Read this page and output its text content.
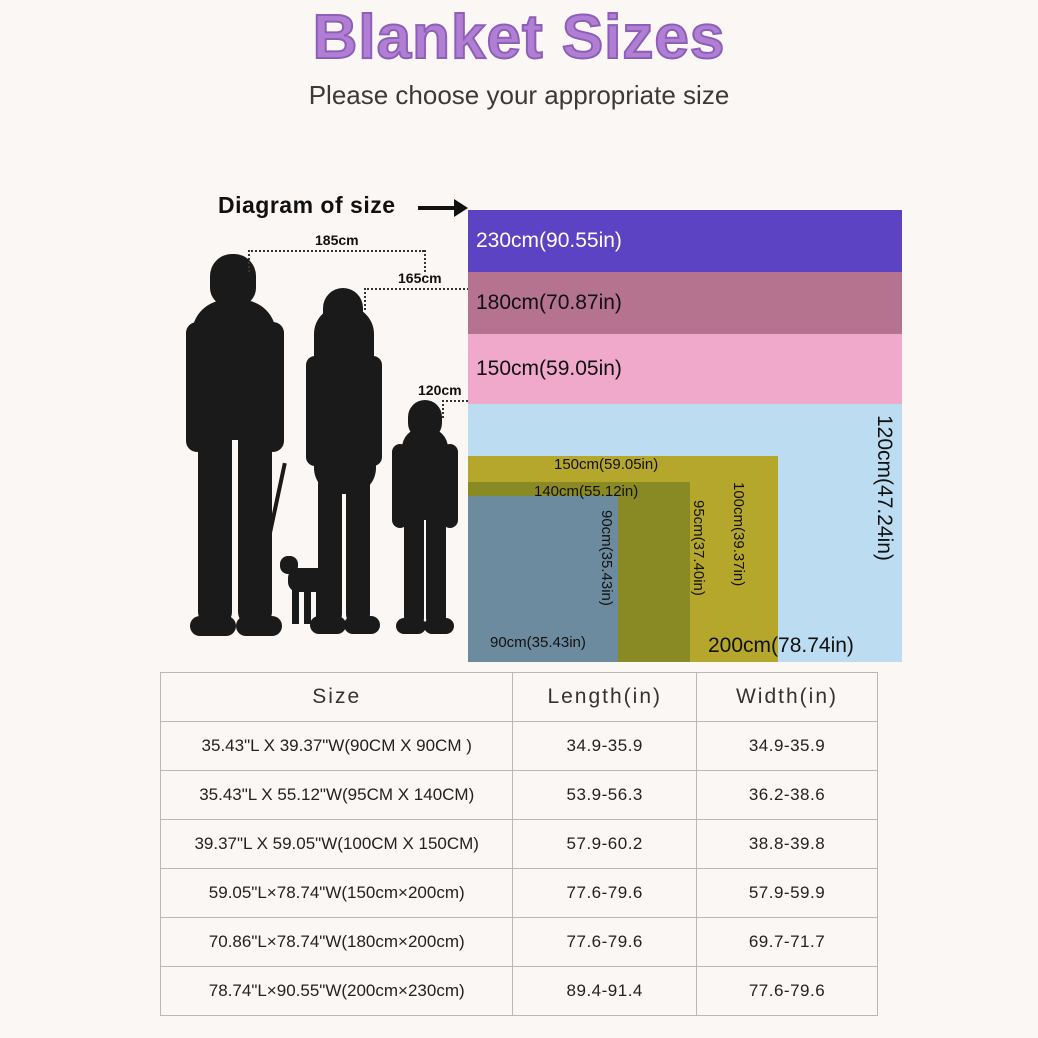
Blanket Sizes
Please choose your appropriate size
Diagram of size
185cm
165cm
120cm
230cm(90.55in)
180cm(70.87in)
150cm(59.05in)
150cm(59.05in)
140cm(55.12in)	100cm(39.37in)
95cm(37.40in)
90cm(35.43in)
90cm(35.43in)	200cm(78.74in)
120cm(47.24in)
Size	Length(in)	Width(in)
35.43"L X 39.37"W(90CM X 90CM )	34.9-35.9	34.9-35.9
35.43"L X 55.12"W(95CM X 140CM)	53.9-56.3	36.2-38.6
39.37"L X 59.05"W(100CM X 150CM)	57.9-60.2	38.8-39.8
59.05"L×78.74"W(150cm×200cm)	77.6-79.6	57.9-59.9
70.86"L×78.74"W(180cm×200cm)	77.6-79.6	69.7-71.7
78.74"L×90.55"W(200cm×230cm)	89.4-91.4	77.6-79.6
